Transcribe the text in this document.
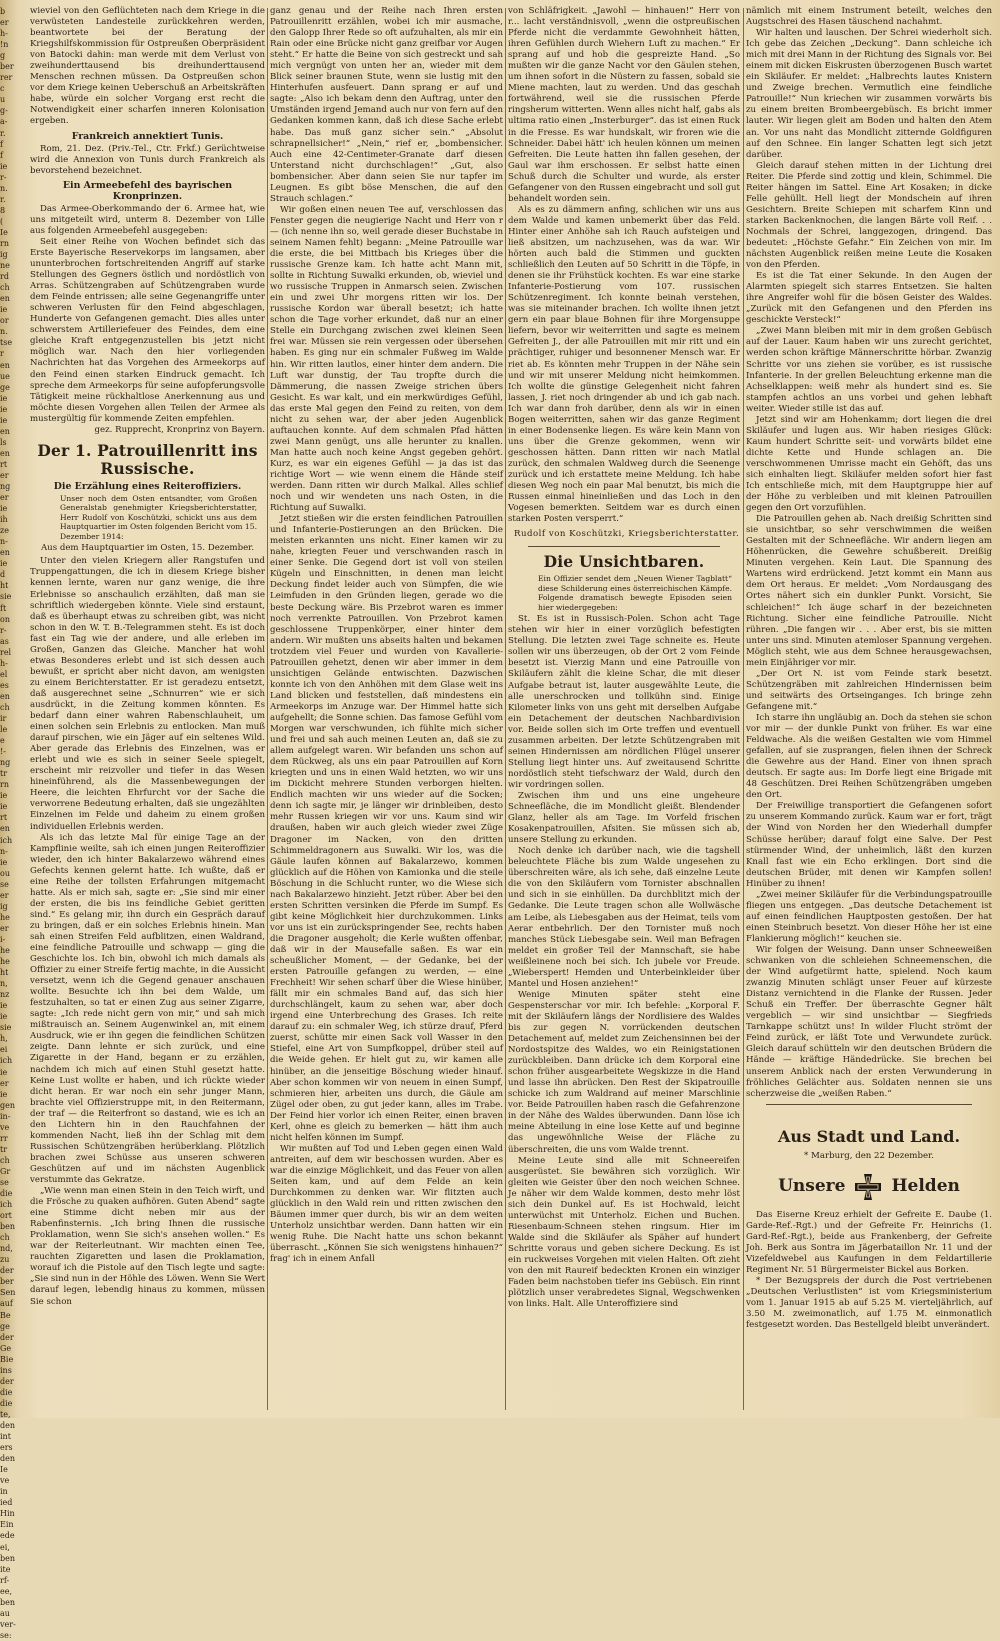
b
er
h-
!n
g
ber
rer
c
u
g-
a-
r.
f
f
ie
r-
n.
r.
8
(
Ie
rn
ig
ne
rd
ch
en
ie
or
n.
tse
r
en
ue
ge
ie
ie
ie
en
ls
en
rt
er
ng
er
ie
ih
ze
n-
en
ie
d
ht
sie
ft
on
r-
as
rel
h-
el
es
en
ch
ir
le
e
!-
ng
tr
rn
ie
ie
rt
en
ich
n-
ie
ou
se
er
ig
he
er
i-
he
he
ht
n,
nz
ie
ie
sie
h,
ei
ich
ie
er
ie
gen
in-
ve
rr
tr
ch
Gr
se
die
ich
ort
ben
ch
nd,
zu
der
ber
Sen
auf
Be
ge
der
Ge
Bie
ins
der
die
die
te,
den
int
ers
den
Ie
ve
in
ied
Hin
Ein
ede
ei,
ben
ite
rf-
ee,
ben
au
ver-
se:

wieviel von den Geflüchteten nach dem Kriege in die verwüsteten Landesteile zurückkehren werden, beantwortete bei der Beratung der Kriegshilfskommission für Ostpreußen Oberpräsident von Batocki dahin: man werde mit dem Verlust von zweihunderttausend bis dreihunderttausend Menschen rechnen müssen. Da Ostpreußen schon vor dem Kriege keinen Ueberschuß an Arbeitskräften habe, würde ein solcher Vorgang erst recht die Notwendigkeit einer scharfen inneren Kolonisation ergeben.

Frankreich annektiert Tunis.

Rom, 21. Dez. (Priv.-Tel., Ctr. Frkf.) Gerüchtweise wird die Annexion von Tunis durch Frankreich als bevorstehend bezeichnet.

Ein Armeebefehl des bayrischen Kronprinzen.

Das Armee-Oberkommando der 6. Armee hat, wie uns mitgeteilt wird, unterm 8. Dezember von Lille aus folgenden Armeebefehl ausgegeben:

Seit einer Reihe von Wochen befindet sich das Erste Bayerische Reservekorps im langsamen, aber ununterbrochen fortschreitenden Angriff auf starke Stellungen des Gegners östlich und nordöstlich von Arras. Schützengraben auf Schützengraben wurde dem Feinde entrissen; alle seine Gegenangriffe unter schweren Verlusten für den Feind abgeschlagen, Hunderte von Gefangenen gemacht. Dies alles unter schwerstem Artilleriefeuer des Feindes, dem eine gleiche Kraft entgegenzustellen bis jetzt nicht möglich war. Nach den hier vorliegenden Nachrichten hat das Vorgehen des Armeekorps auf den Feind einen starken Eindruck gemacht. Ich spreche dem Armeekorps für seine aufopferungsvolle Tätigkeit meine rückhaltlose Anerkennung aus und möchte diesen Vorgehen allen Teilen der Armee als mustergültig für kommende Zeiten empfehlen.

gez. Rupprecht, Kronprinz von Bayern.

Der 1. Patrouillenritt ins Russische.
Die Erzählung eines Reiteroffiziers.
Unser noch dem Osten entsandter, vom Großen Generalstab genehmigter Kriegsberichterstatter, Herr Rudolf von Koschützki, schickt uns aus dem Hauptquartier im Osten folgenden Bericht vom 15. Dezember 1914:
Aus dem Hauptquartier im Osten, 15. Dezember.

Unter den vielen Kriegern aller Rangstufen und Truppengattungen, die ich in diesem Kriege bisher kennen lernte, waren nur ganz wenige, die ihre Erlebnisse so anschaulich erzählten, daß man sie schriftlich wiedergeben könnte. Viele sind erstaunt, daß es überhaupt etwas zu schreiben gibt, was nicht schon in den W. T. B.-Telegrammen steht. Es ist doch fast ein Tag wie der andere, und alle erleben im Großen, Ganzen das Gleiche. Mancher hat wohl etwas Besonderes erlebt und ist sich dessen auch bewußt, er spricht aber nicht davon, am wenigsten zu einem Berichterstatter. Er ist geradezu entsetzt, daß ausgerechnet seine „Schnurren“ wie er sich ausdrückt, in die Zeitung kommen könnten. Es bedarf dann einer wahren Rabenschlauheit, um einen solchen sein Erlebnis zu entlocken. Man muß darauf pirschen, wie ein Jäger auf ein seltenes Wild. Aber gerade das Erlebnis des Einzelnen, was er erlebt und wie es sich in seiner Seele spiegelt, erscheint mir reizvoller und tiefer in das Wesen hineinführend, als die Massenbewegungen der Heere, die leichten Ehrfurcht vor der Sache die verworrene Bedeutung erhalten, daß sie ungezählten Einzelnen im Felde und daheim zu einem großen individuellen Erlebnis werden.

Als ich das letzte Mal für einige Tage an der Kampflinie weilte, sah ich einen jungen Reiteroffizier wieder, den ich hinter Bakalarzewo während eines Gefechts kennen gelernt hatte. Ich wußte, daß er eine Reihe der tollsten Erfahrungen mitgemacht hatte. Als er mich sah, sagte er: „Sie sind mir einer der ersten, die bis ins feindliche Gebiet geritten sind.“ Es gelang mir, ihn durch ein Gespräch darauf zu bringen, daß er ein solches Erlebnis hinein. Man sah einen Streifen Feld aufblitzen, einen Waldrand, eine feindliche Patrouille und schwapp — ging die Geschichte los. Ich bin, obwohl ich mich damals als Offizier zu einer Streife fertig machte, in die Aussicht versetzt, wenn ich die Gegend genauer anschauen wollte. Besuchte ich ihn bei dem Walde, um festzuhalten, so tat er einen Zug aus seiner Zigarre, sagte: „Ich rede nicht gern von mir,“ und sah mich mißtrauisch an. Seinem Augenwinkel an, mit einem Ausdruck, wie er ihn gegen die feindlichen Schützen zeigte. Dann lehnte er sich zurück, und eine Zigarette in der Hand, begann er zu erzählen, nachdem ich mich auf einen Stuhl gesetzt hatte. Keine Lust wollte er haben, und ich rückte wieder dicht heran. Er war noch ein sehr junger Mann, brachte viel Offizierstruppe mit, in den Reitermann, der traf — die Reiterfront so dastand, wie es ich an den Lichtern hin in den Rauchfahnen der kommenden Nacht, ließ ihn der Schlag mit dem Russischen Schützengräben herüberklang. Plötzlich brachen zwei Schüsse aus unseren schweren Geschützen auf und im nächsten Augenblick verstummte das Gekratze.

„Wie wenn man einen Stein in den Teich wirft, und die Frösche zu quaken aufhören. Guten Abend“ sagte eine Stimme dicht neben mir aus der Rabenfinsternis. „Ich bring Ihnen die russische Proklamation, wenn Sie sich's ansehen wollen.“ Es war der Reiterleutnant. Wir machten einen Tee, rauchten Zigaretten und lasen die Proklamation, worauf ich die Pistole auf den Tisch legte und sagte: „Sie sind nun in der Höhle des Löwen. Wenn Sie Wert darauf legen, lebendig hinaus zu kommen, müssen Sie schon

ganz genau und der Reihe nach Ihren ersten Patrouillenritt erzählen, wobei ich mir ausmache, den Galopp Ihrer Rede so oft aufzuhalten, als mir ein Rain oder eine Brücke nicht ganz greifbar vor Augen steht.“ Er hatte die Beine von sich gestreckt und sah mich vergnügt von unten her an, wieder mit dem Blick seiner braunen Stute, wenn sie lustig mit den Hinterhufen ausfeuert. Dann sprang er auf und sagte: „Also ich bekam denn den Auftrag, unter den Umständen irgend Jemand auch nur von fern auf den Gedanken kommen kann, daß ich diese Sache erlebt habe. Das muß ganz sicher sein.“ „Absolut schrapnellsicher!“ „Nein,“ rief er, „bombensicher. Auch eine 42-Centimeter-Granate darf diesen Unterstand nicht durchschlagen!“ „Gut, also bombensicher. Aber dann seien Sie nur tapfer im Leugnen. Es gibt böse Menschen, die auf den Strauch schlagen.“

Wir goßen einen neuen Tee auf, verschlossen das Fenster gegen die neugierige Nacht und Herr von r— (ich nenne ihn so, weil gerade dieser Buchstabe in seinem Namen fehlt) begann: „Meine Patrouille war die erste, die bei Mittbach bis Krieges über die russische Grenze kam. Ich hatte acht Mann mit, sollte in Richtung Suwalki erkunden, ob, wieviel und wo russische Truppen in Anmarsch seien. Zwischen ein und zwei Uhr morgens ritten wir los. Der russische Kordon war überall besetzt; ich hatte schon die Tage vorher erkundet, daß nur an einer Stelle ein Durchgang zwischen zwei kleinen Seen frei war. Müssen sie rein vergessen oder übersehen haben. Es ging nur ein schmaler Fußweg im Walde hin. Wir ritten lautlos, einer hinter dem andern. Die Luft war dunstig, der Tau tropfte durch die Dämmerung, die nassen Zweige strichen übers Gesicht. Es war kalt, und ein merkwürdiges Gefühl, das erste Mal gegen den Feind zu reiten, von dem nicht zu sehen war, der aber jeden Augenblick auftauchen konnte. Auf dem schmalen Pfad hätten zwei Mann genügt, uns alle herunter zu knallen. Man hatte auch noch keine Angst gegeben gehört. Kurz, es war ein eigenes Gefühl — ja das ist das richtige Wort — wie wenn einem die Hände steif werden. Dann ritten wir durch Malkal. Alles schlief noch und wir wendeten uns nach Osten, in die Richtung auf Suwalki.

Jetzt stießen wir die ersten feindlichen Patrouillen und Infanterie-Postierungen an den Brücken. Die meisten erkannten uns nicht. Einer kamen wir zu nahe, kriegten Feuer und verschwanden rasch in einer Senke. Die Gegend dort ist voll von steilen Kügeln und Einschnitten, in denen man leicht Deckung findet leider auch von Sümpfen, die wie Leimfuden in den Gründen liegen, gerade wo die beste Deckung wäre. Bis Przebrot waren es immer noch verrenkte Patrouillen. Von Przebrot kamen geschlossene Truppenkörper, einer hinter dem andern. Wir mußten uns abseits halten und bekamen trotzdem viel Feuer und wurden von Kavallerie-Patrouillen gehetzt, denen wir aber immer in dem unsichtigen Gelände entwischten. Dazwischen konnte ich von den Anhöhen mit dem Glase weit ins Land blicken und feststellen, daß mindestens ein Armeekorps im Anzuge war. Der Himmel hatte sich aufgehellt; die Sonne schien. Das famose Gefühl vom Morgen war verschwunden, ich fühlte mich sicher und frei und sah auch meinen Leuten an, daß sie zu allem aufgelegt waren. Wir befanden uns schon auf dem Rückweg, als uns ein paar Patrouillen auf Korn kriegten und uns in einen Wald hetzten, wo wir uns im Dickicht mehrere Stunden verborgen hielten. Endlich machten wir uns wieder auf die Socken; denn ich sagte mir, je länger wir drinbleiben, desto mehr Russen kriegen wir vor uns. Kaum sind wir draußen, haben wir auch gleich wieder zwei Züge Dragoner im Nacken, von den dritten Schimmeldragonern aus Suwalki. Wir los, was die Gäule laufen können auf Bakalarzewo, kommen glücklich auf die Höhen von Kamionka und die steile Böschung in die Schlucht runter, wo die Wiese sich nach Bakalarzewo hinzieht. Jetzt rüber. Aber bei den ersten Schritten versinken die Pferde im Sumpf. Es gibt keine Möglichkeit hier durchzukommen. Links vor uns ist ein zurückspringender See, rechts haben die Dragoner ausgeholt; die Kerle wußten offenbar, daß wir in der Mausefalle saßen. Es war ein scheußlicher Moment, — der Gedanke, bei der ersten Patrouille gefangen zu werden, — eine Frechheit! Wir sehen scharf über die Wiese hinüber, fällt mir ein schmales Band auf, das sich hier durchschlängelt, kaum zu sehen war, aber doch irgend eine Unterbrechung des Grases. Ich reite darauf zu: ein schmaler Weg, ich stürze drauf, Pferd zuerst, schütte mir einen Sack voll Wasser in den Stiefel, eine Art von Sumpfkoppel, drüber steil auf die Weide gehen. Er hielt gut zu, wir kamen alle hinüber, an die jenseitige Böschung wieder hinauf. Aber schon kommen wir von neuem in einen Sumpf, schmieren hier, arbeiten uns durch, die Gäule am Zügel oder oben, zu gut jeder kann, alles im Trabe. Der Feind hier vorlor ich einen Reiter, einen braven Kerl, ohne es gleich zu bemerken — hätt ihm auch nicht helfen können im Sumpf.

Wir mußten auf Tod und Leben gegen einen Wald antreiten, auf dem wir beschossen wurden. Aber es war die einzige Möglichkeit, und das Feuer von allen Seiten kam, und auf dem Felde an kein Durchkommen zu denken war. Wir flitzten auch glücklich in den Wald rein und ritten zwischen den Bäumen immer quer durch, bis wir an dem weiten Unterholz unsichtbar werden. Dann hatten wir ein wenig Ruhe. Die Nacht hatte uns schon bekannt überrascht. „Können Sie sich wenigstens hinhauen?“ frag' ich in einem Anfall

von Schläfrigkeit. „Jawohl — hinhauen!“ Herr von r... lacht verständnisvoll, „wenn die ostpreußischen Pferde nicht die verdammte Gewohnheit hätten, ihren Gefühlen durch Wiehern Luft zu machen.“ Er sprang auf und hob die gespreizte Hand. „So mußten wir die ganze Nacht vor den Gäulen stehen, um ihnen sofort in die Nüstern zu fassen, sobald sie Miene machten, laut zu werden. Und das geschah fortwährend, weil sie die russischen Pferde ringsherum witterten. Wenn alles nicht half, gabs als ultima ratio einen „Insterburger“. das ist einen Ruck in die Fresse. Es war hundskalt, wir froren wie die Schneider. Dabei hätt' ich heulen können um meinen Gefreiten. Die Leute hatten ihn fallen gesehen, der Gaul war ihm erschossen. Er selbst hatte einen Schuß durch die Schulter und wurde, als erster Gefangener von den Russen eingebracht und soll gut behandelt worden sein.

Als es zu dämmern anfing, schlichen wir uns aus dem Walde und kamen unbemerkt über das Feld. Hinter einer Anhöhe sah ich Rauch aufsteigen und ließ absitzen, um nachzusehen, was da war. Wir hörten auch bald die Stimmen und guckten schließlich den Leuten auf 50 Schritt in die Töpfe, in denen sie ihr Frühstück kochten. Es war eine starke Infanterie-Postierung vom 107. russischen Schützenregiment. Ich konnte beinah verstehen, was sie miteinander brachen. Ich wollte ihnen jetzt gern ein paar blaue Bohnen für ihre Morgensuppe liefern, bevor wir weiterritten und sagte es meinem Gefreiten J., der alle Patrouillen mit mir ritt und ein prächtiger, ruhiger und besonnener Mensch war. Er riet ab. Es könnten mehr Truppen in der Nähe sein und wir mit unserer Meldung nicht heimkommen. Ich wollte die günstige Gelegenheit nicht fahren lassen, J. riet noch dringender ab und ich gab nach. Ich war dann froh darüber, denn als wir in einen Bogen weiterritten, sahen wir das ganze Regiment in einer Bodensenke liegen. Es wäre kein Mann von uns über die Grenze gekommen, wenn wir geschossen hätten. Dann ritten wir nach Matlal zurück, den schmalen Waldweg durch die Seenenge zurück und ich erstattete meine Meldung. Ich habe diesen Weg noch ein paar Mal benutzt, bis mich die Russen einmal hineinließen und das Loch in den Vogesen bemerkten. Seitdem war es durch einen starken Posten versperrt.“

Rudolf von Koschützki, Kriegsberichterstatter.
Die Unsichtbaren.
Ein Offizier sendet dem „Neuen Wiener Tagblatt“ diese Schilderung eines österreichischen Kämpfe. Folgende dramatisch bewegte Episoden seien hier wiedergegeben:

St. Es ist in Russisch-Polen. Schon acht Tage stehen wir hier in einer vorzüglich befestigten Stellung. Die letzten zwei Tage schneite es. Heute sollen wir uns überzeugen, ob der Ort 2 vom Feinde besetzt ist. Vierzig Mann und eine Patrouille von Skiläufern zählt die kleine Schar, die mit dieser Aufgabe betraut ist, lauter ausgewählte Leute, die alle unerschrocken und tollkühn sind. Einige Kilometer links von uns geht mit derselben Aufgabe ein Detachement der deutschen Nachbardivision vor. Beide sollen sich im Orte treffen und eventuell zusammen arbeiten. Der letzte Schützengraben mit seinen Hindernissen am nördlichen Flügel unserer Stellung liegt hinter uns. Auf zweitausend Schritte nordöstlich steht tiefschwarz der Wald, durch den wir vordringen sollen.

Zwischen ihm und uns eine ungeheure Schneefläche, die im Mondlicht gleißt. Blendender Glanz, heller als am Tage. Im Vorfeld frischen Kosakenpatrouillen, Afsiten. Sie müssen sich ab, unsere Stellung zu erkunden.

Noch denke ich darüber nach, wie die tagshell beleuchtete Fläche bis zum Walde ungesehen zu überschreiten wäre, als ich sehe, daß einzelne Leute die von den Skiläufern vom Tornister abschnallen und sich in sie einhüllen. Da durchblitzt mich der Gedanke. Die Leute tragen schon alle Wollwäsche am Leibe, als Liebesgaben aus der Heimat, teils vom Aerar entbehrlich. Der den Tornister muß noch manches Stück Liebesgabe sein. Weil man Befragen meldet ein großer Teil der Mannschaft, sie habe weißleinene noch bei sich. Ich jubele vor Freude. „Wieberspert! Hemden und Unterbeinkleider über Mantel und Hosen anziehen!“

Wenige Minuten später steht eine Gespensterschar vor mir. Ich befehle: „Korporal F. mit der Skiläufern längs der Nordlisiere des Waldes bis zur gegen N. vorrückenden deutschen Detachement auf, meldet zum Zeichensinnen bei der Nordostspitze des Waldes, wo ein Reinigstationen zurückbleiben. Dann drücke ich dem Korporal eine schon früher ausgearbeitete Wegskizze in die Hand und lasse ihn abrücken. Den Rest der Skipatrouille schicke ich zum Waldrand auf meiner Marschlinie vor. Beide Patrouillen haben rasch die Gefahrenzone in der Nähe des Waldes überwunden. Dann löse ich meine Abteilung in eine lose Kette auf und beginne das ungewöhnliche Weise der Fläche zu überschreiten, die uns vom Walde trennt.

Meine Leute sind alle mit Schneereifen ausgerüstet. Sie bewähren sich vorzüglich. Wir gleiten wie Geister über den noch weichen Schnee. Je näher wir dem Walde kommen, desto mehr löst sich dein Dunkel auf. Es ist Hochwald, leicht unterwüchst mit Unterholz. Eichen und Buchen. Riesenbaum-Schneen stehen ringsum. Hier im Walde sind die Skiläufer als Späher auf hundert Schritte voraus und geben sichere Deckung. Es ist ein ruckweises Vorgehen mit vielen Halten. Oft zieht von den mit Raureif bedeckten Kronen ein winziger Faden beim nachstoben tiefer ins Gebüsch. Ein rinnt plötzlich unser verabredetes Signal, Wegschwenken von links. Halt. Alle Unteroffiziere sind

nämlich mit einem Instrument beteilt, welches den Augstschrei des Hasen täuschend nachahmt.

Wir halten und lauschen. Der Schrei wiederholt sich. Ich gebe das Zeichen „Deckung“. Dann schleiche ich mich mit drei Mann in der Richtung des Signals vor. Bei einem mit dicken Eiskrusten überzogenen Busch wartet ein Skiläufer. Er meldet: „Halbrechts lautes Knistern und Zweige brechen. Vermutlich eine feindliche Patrouille!“ Nun kriechen wir zusammen vorwärts bis zu einem breiten Brombeergebüsch. Es bricht immer lauter. Wir liegen gleit am Boden und halten den Atem an. Vor uns naht das Mondlicht zitternde Goldfiguren auf den Schnee. Ein langer Schatten legt sich jetzt darüber.

Gleich darauf stehen mitten in der Lichtung drei Reiter. Die Pferde sind zottig und klein, Schimmel. Die Reiter hängen im Sattel. Eine Art Kosaken; in dicke Felle gehüllt. Hell liegt der Mondschein auf ihren Gesichtern. Breite Schiepen mit scharfem Kinn und starken Backenknochen, die langen Bärte voll Reif. . . Nochmals der Schrei, langgezogen, dringend. Das bedeutet: „Höchste Gefahr.“ Ein Zeichen von mir. Im nächsten Augenblick reißen meine Leute die Kosaken von den Pferden.

Es ist die Tat einer Sekunde. In den Augen der Alarmten spiegelt sich starres Entsetzen. Sie halten ihre Angreifer wohl für die bösen Geister des Waldes. „Zurück mit den Gefangenen und den Pferden ins geschickte Versteck!“

„Zwei Mann bleiben mit mir in dem großen Gebüsch auf der Lauer. Kaum haben wir uns zurecht gerichtet, werden schon kräftige Männerschritte hörbar. Zwanzig Schritte vor uns ziehen sie vorüber, es ist russische Infanterie. In der grellen Beleuchtung erkenne man die Achselklappen: weiß mehr als hundert sind es. Sie stampfen achtlos an uns vorbei und gehen lebhaft weiter. Wieder stille ist das auf.

Jetzt sind wir am Hohenkamm; dort liegen die drei Skiläufer und lugen aus. Wir haben riesiges Glück: Kaum hundert Schritte seit- und vorwärts bildet eine dichte Kette und Hunde schlagen an. Die verschwommenen Umrisse macht ein Gehöft, das uns sich einhalten liegt. Skiläufer melden sofort hier fast Ich entschließe mich, mit dem Hauptgruppe hier auf der Höhe zu verbleiben und mit kleinen Patrouillen gegen den Ort vorzufühlen.

Die Patrouillen gehen ab. Nach dreißig Schritten sind sie unsichtbar, so sehr verschwimmen die weißen Gestalten mit der Schneefläche. Wir andern liegen am Höhenrücken, die Gewehre schußbereit. Dreißig Minuten vergehen. Kein Laut. Die Spannung des Wartens wird erdrückend. Jetzt kommt ein Mann aus dem Ort heraus. Er meldet: „Vom Nordausgang des Ortes nähert sich ein dunkler Punkt. Vorsicht, Sie schleichen!“ Ich äuge scharf in der bezeichneten Richtung. Sicher eine feindliche Patrouille. Nicht rühren. „Die fangen wir . . . Aber erst, bis sie mitten unter uns sind. Minuten atemloser Spannung vergehen. Möglich steht, wie aus dem Schnee herausgewachsen, mein Einjähriger vor mir.

„Der Ort N. ist vom Feinde stark besetzt. Schützengräben mit zahlreichen Hindernissen beim und seitwärts des Ortseinganges. Ich bringe zehn Gefangene mit.“

Ich starre ihn ungläubig an. Doch da stehen sie schon vor mir — der dunkle Punkt von früher. Es war eine Feldwache. Als die weißen Gestalten wie vom Himmel gefallen, auf sie zusprangen, fielen ihnen der Schreck die Gewehre aus der Hand. Einer von ihnen sprach deutsch. Er sagte aus: Im Dorfe liegt eine Brigade mit 48 Geschützen. Drei Reihen Schützengräben umgeben den Ort.

Der Freiwillige transportiert die Gefangenen sofort zu unserem Kommando zurück. Kaum war er fort, trägt der Wind von Norden her den Wiederhall dumpfer Schüsse herüber; darauf folgt eine Salve. Der Pest stürmender Wind, der unheimlich, läßt den kurzen Knall fast wie ein Echo erklingen. Dort sind die deutschen Brüder, mit denen wir Kampfen sollen! Hinüber zu ihnen!

„Zwei meiner Skiläufer für die Verbindungspatrouille fliegen uns entgegen. „Das deutsche Detachement ist auf einen feindlichen Hauptposten gestoßen. Der hat einen Steinbruch besetzt. Von dieser Höhe her ist eine Flankierung möglich!“ keuchen sie.

Wir folgen der Weisung. Dann unser Schneeweißen schwanken von die schleiehen Schneemenschen, die der Wind aufgetürmt hatte, spielend. Noch kaum zwanzig Minuten schlägt unser Feuer auf kürzeste Distanz vernichtend in die Flanke der Russen. Jeder Schuß ein Treffer. Der überraschte Gegner hält vergeblich — wir sind unsichtbar — Siegfrieds Tarnkappe schützt uns! In wilder Flucht strömt der Feind zurück, er läßt Tote und Verwundete zurück. Gleich darauf schütteln wir den deutschen Brüdern die Hände — kräftige Händedrücke. Sie brechen bei unserem Anblick nach der ersten Verwunderung in fröhliches Gelächter aus. Soldaten nennen sie uns scherzweise die „weißen Raben.“

Aus Stadt und Land.
* Marburg, den 22 Dezember.
Unsere	Helden

Das Eiserne Kreuz erhielt der Gefreite E. Daube (1. Garde-Ref.-Rgt.) und der Gefreite Fr. Heinrichs (1. Gard-Ref.-Rgt.), beide aus Frankenberg, der Gefreite Joh. Berk aus Sontra im Jägerbataillon Nr. 11 und der Vizefeldwebel aus Kaufungen in dem Feldartillerie Regiment Nr. 51 Bürgermeister Bickel aus Borken.

* Der Bezugspreis der durch die Post vertriebenen „Deutschen Verlustlisten“ ist vom Kriegsministerium vom 1. Januar 1915 ab auf 5.25 M. vierteljährlich, auf 3.50 M. zweimonatlich, auf 1.75 M. einmonatlich festgesetzt worden. Das Bestellgeld bleibt unverändert.
